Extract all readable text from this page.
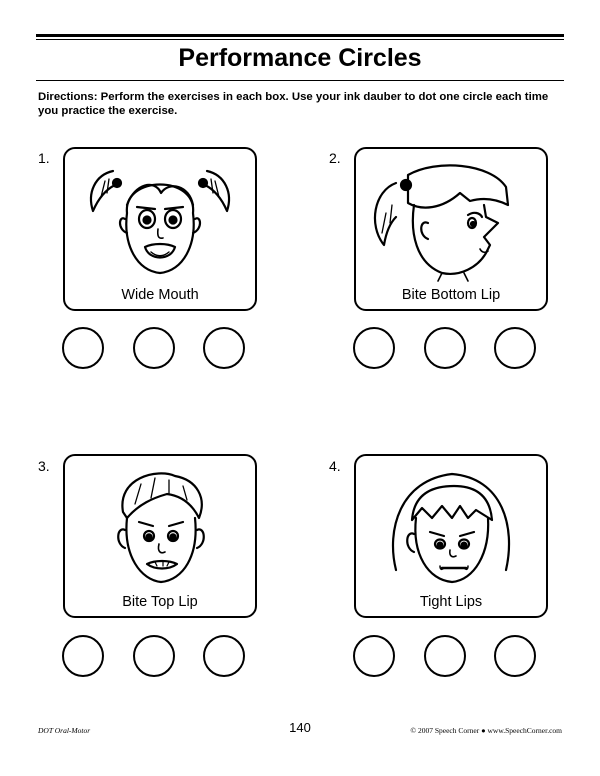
Performance Circles
Directions: Perform the exercises in each box. Use your ink dauber to dot one circle each time you practice the exercise.
1.
Wide Mouth
2.
Bite Bottom Lip
3.
Bite Top Lip
4.
Tight Lips
DOT Oral-Motor	140	© 2007 Speech Corner ● www.SpeechCorner.com
